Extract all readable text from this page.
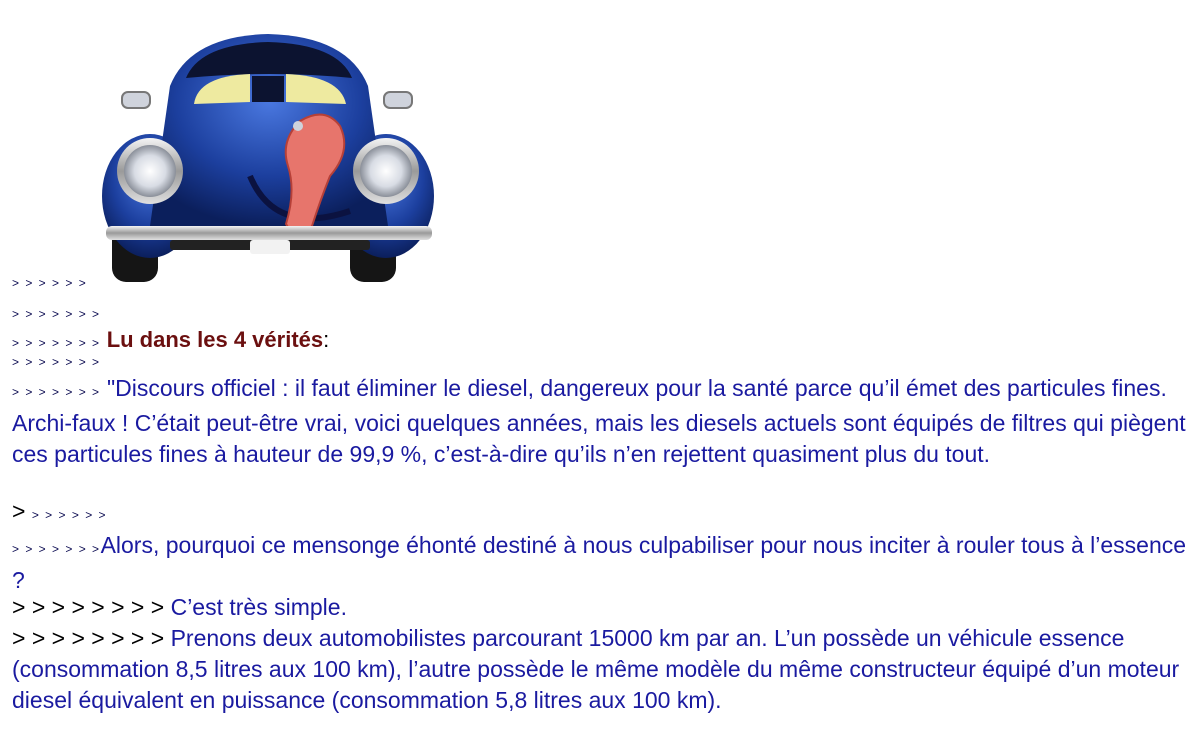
> > > > > >
> > > > > > >
> > > > > > > Lu dans les 4 vérités:
> > > > > > >
> > > > > > > "Discours officiel : il faut éliminer le diesel, dangereux pour la santé parce qu’il émet des particules fines. Archi-faux ! C’était peut-être vrai, voici quelques années, mais les diesels actuels sont équipés de filtres qui piègent ces particules fines à hauteur de 99,9 %, c’est-à-dire qu’ils n’en rejettent quasiment plus du tout.
> > > > > > >
> > > > > > >Alors, pourquoi ce mensonge éhonté destiné à nous culpabiliser pour nous inciter à rouler tous à l’essence ?
> > > > > > > > C’est très simple.
> > > > > > > > Prenons deux automobilistes parcourant 15000 km par an. L’un possède un véhicule essence (consommation 8,5 litres aux 100 km), l’autre possède le même modèle du même constructeur équipé d’un moteur diesel équivalent en puissance (consommation 5,8 litres aux 100 km).
